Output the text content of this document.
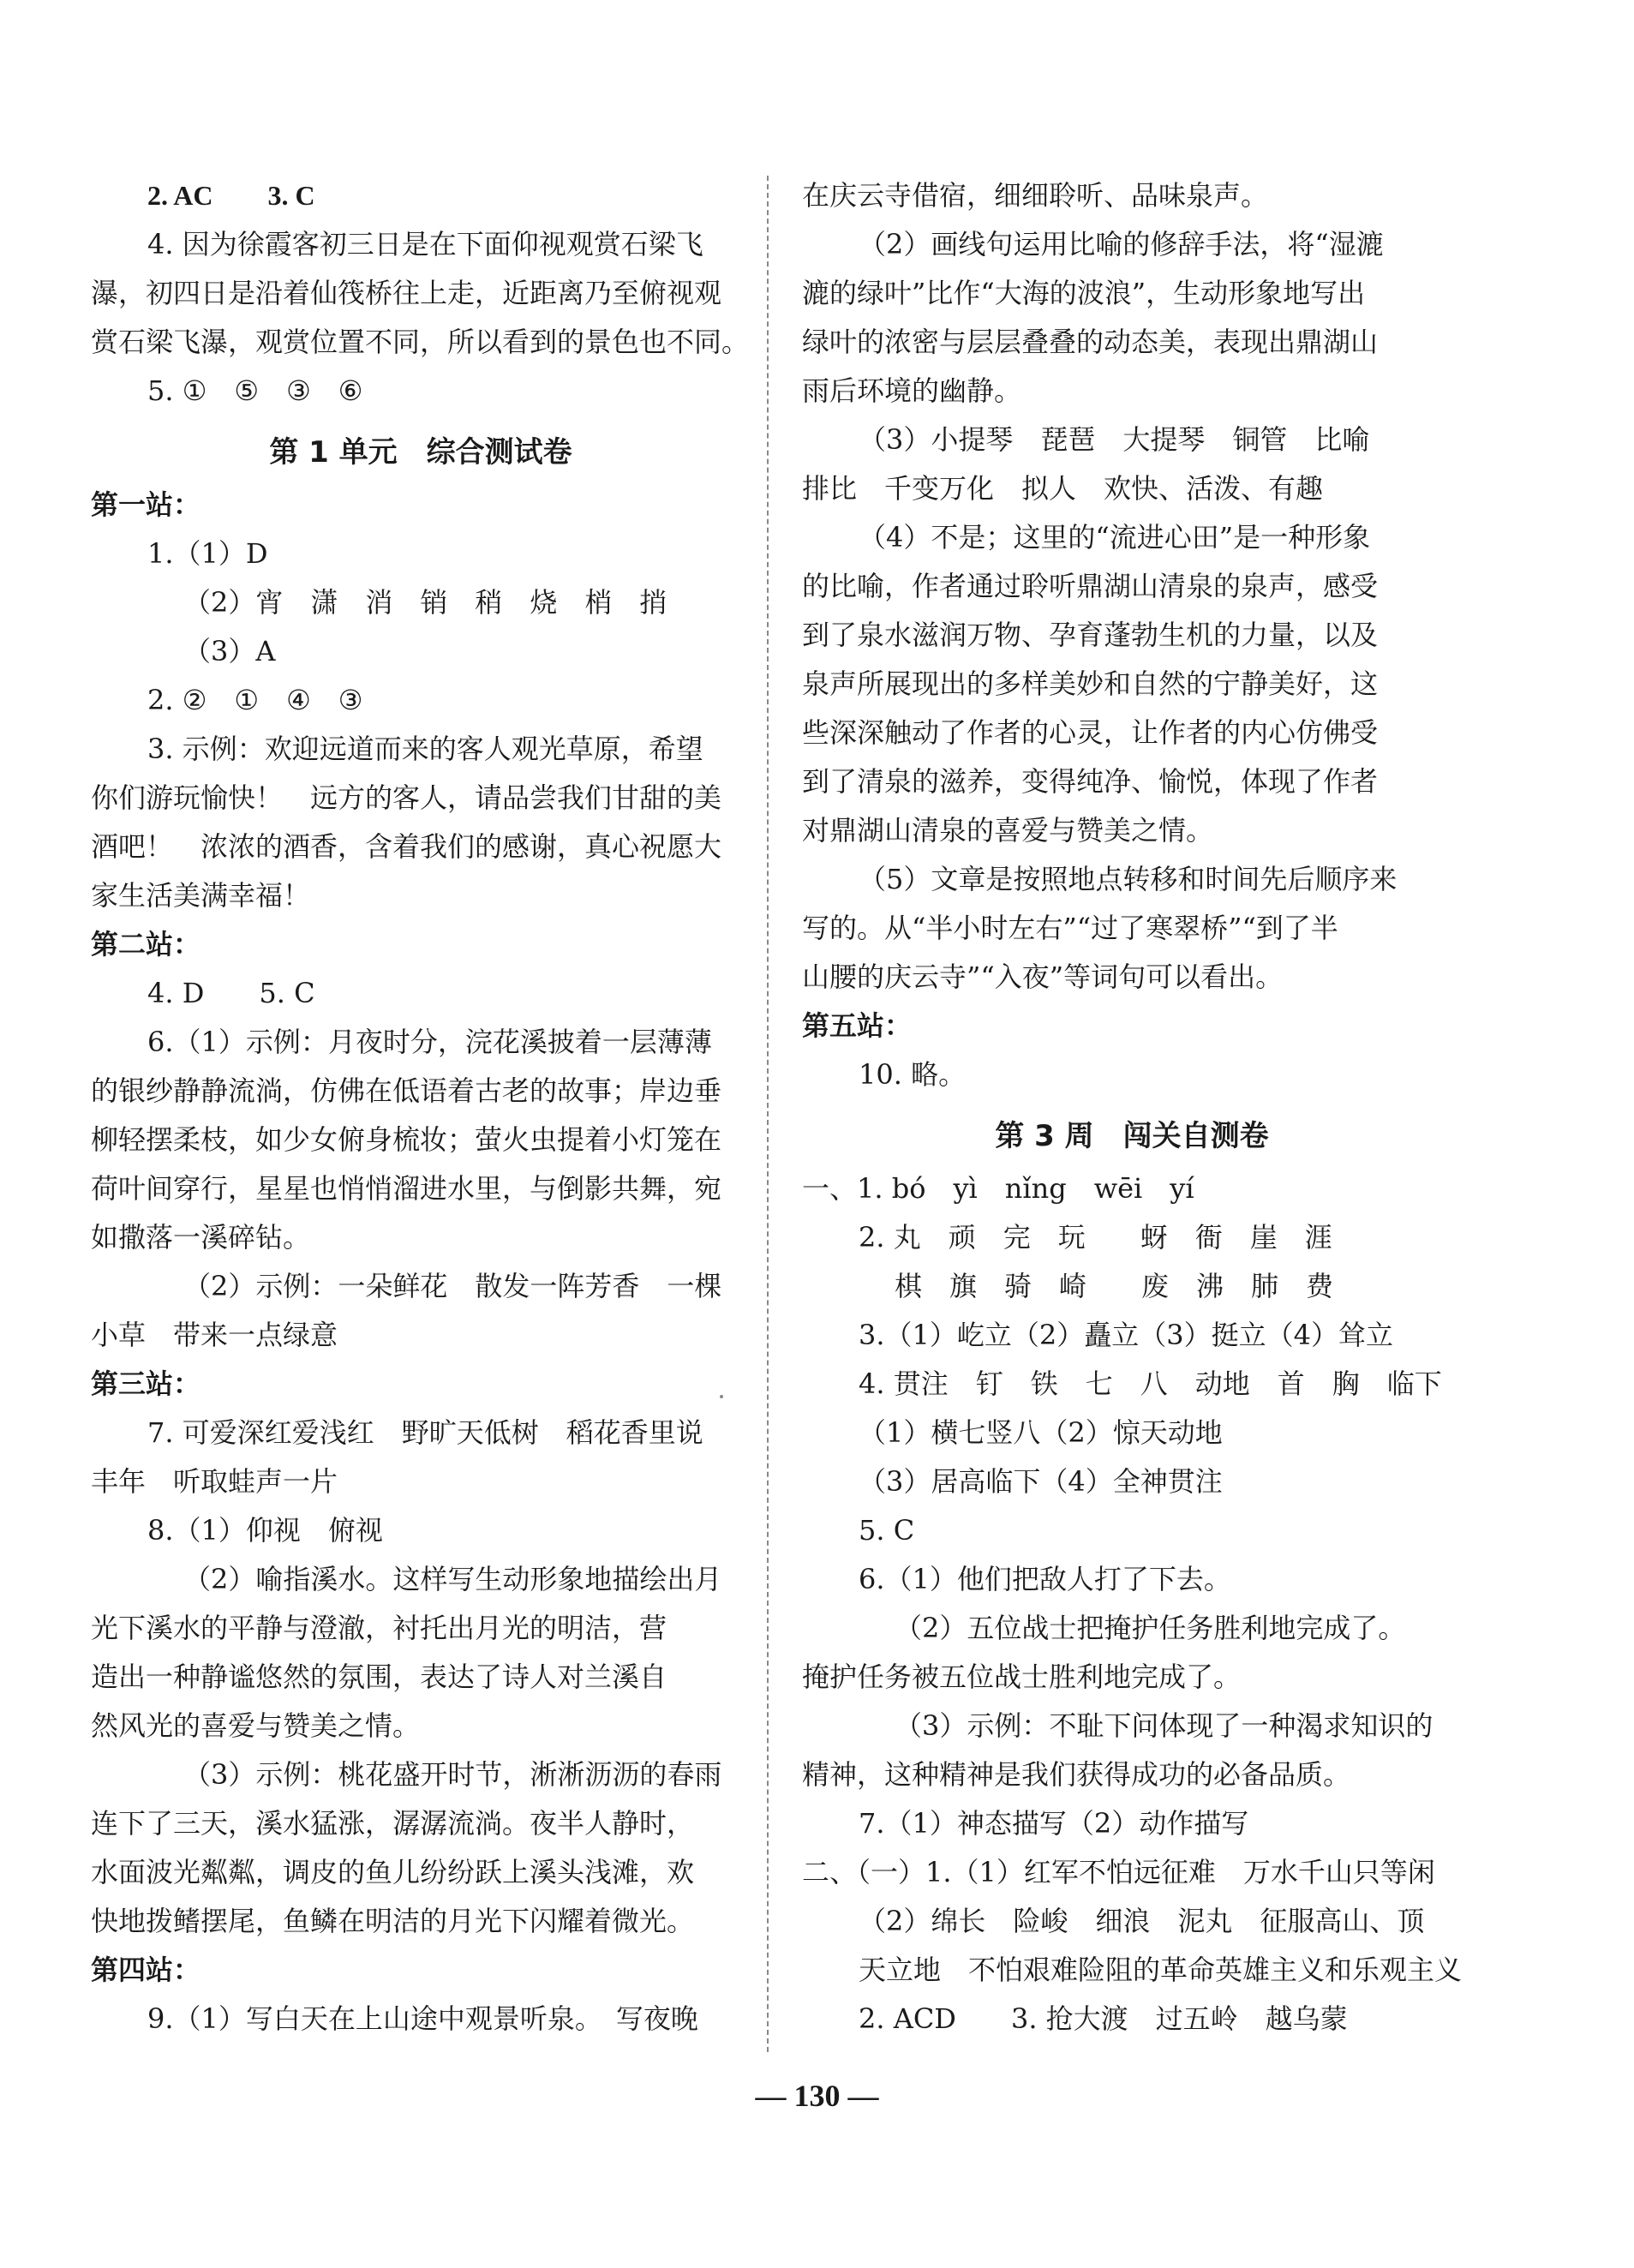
2. AC　　3. C
4. 因为徐霞客初三日是在下面仰视观赏石梁飞
瀑，初四日是沿着仙筏桥往上走，近距离乃至俯视观
赏石梁飞瀑，观赏位置不同，所以看到的景色也不同。
5. ①　⑤　③　⑥
第 1 单元　综合测试卷
第一站：
1.（1）D
（2）宵　潇　消　销　稍　烧　梢　捎
（3）A
2. ②　①　④　③
3. 示例：欢迎远道而来的客人观光草原，希望
你们游玩愉快！　远方的客人，请品尝我们甘甜的美
酒吧！　浓浓的酒香，含着我们的感谢，真心祝愿大
家生活美满幸福！
第二站：
4. D　　5. C
6.（1）示例：月夜时分，浣花溪披着一层薄薄
的银纱静静流淌，仿佛在低语着古老的故事；岸边垂
柳轻摆柔枝，如少女俯身梳妆；萤火虫提着小灯笼在
荷叶间穿行，星星也悄悄溜进水里，与倒影共舞，宛
如撒落一溪碎钻。
（2）示例：一朵鲜花　散发一阵芳香　一棵
小草　带来一点绿意
第三站：
7. 可爱深红爱浅红　野旷天低树　稻花香里说
丰年　听取蛙声一片
8.（1）仰视　俯视
（2）喻指溪水。这样写生动形象地描绘出月
光下溪水的平静与澄澈，衬托出月光的明洁，营
造出一种静谧悠然的氛围，表达了诗人对兰溪自
然风光的喜爱与赞美之情。
（3）示例：桃花盛开时节，淅淅沥沥的春雨
连下了三天，溪水猛涨，潺潺流淌。夜半人静时，
水面波光粼粼，调皮的鱼儿纷纷跃上溪头浅滩，欢
快地拨鳍摆尾，鱼鳞在明洁的月光下闪耀着微光。
第四站：
9.（1）写白天在上山途中观景听泉。　写夜晚
在庆云寺借宿，细细聆听、品味泉声。
（2）画线句运用比喻的修辞手法，将“湿漉
漉的绿叶”比作“大海的波浪”，生动形象地写出
绿叶的浓密与层层叠叠的动态美，表现出鼎湖山
雨后环境的幽静。
（3）小提琴　琵琶　大提琴　铜管　比喻
排比　千变万化　拟人　欢快、活泼、有趣
（4）不是；这里的“流进心田”是一种形象
的比喻，作者通过聆听鼎湖山清泉的泉声，感受
到了泉水滋润万物、孕育蓬勃生机的力量，以及
泉声所展现出的多样美妙和自然的宁静美好，这
些深深触动了作者的心灵，让作者的内心仿佛受
到了清泉的滋养，变得纯净、愉悦，体现了作者
对鼎湖山清泉的喜爱与赞美之情。
（5）文章是按照地点转移和时间先后顺序来
写的。从“半小时左右”“过了寒翠桥”“到了半
山腰的庆云寺”“入夜”等词句可以看出。
第五站：
10. 略。
第 3 周　闯关自测卷
一、1. bó　yì　nǐng　wēi　yí
2. 丸　顽　完　玩　　蚜　衙　崖　涯
棋　旗　骑　崎　　废　沸　肺　费
3.（1）屹立（2）矗立（3）挺立（4）耸立
4. 贯注　钉　铁　七　八　动地　首　胸　临下
（1）横七竖八（2）惊天动地
（3）居高临下（4）全神贯注
5. C
6.（1）他们把敌人打了下去。
（2）五位战士把掩护任务胜利地完成了。
掩护任务被五位战士胜利地完成了。
（3）示例：不耻下问体现了一种渴求知识的
精神，这种精神是我们获得成功的必备品质。
7.（1）神态描写（2）动作描写
二、（一）1.（1）红军不怕远征难　万水千山只等闲
（2）绵长　险峻　细浪　泥丸　征服高山、顶
天立地　不怕艰难险阻的革命英雄主义和乐观主义
2. ACD　　3. 抢大渡　过五岭　越乌蒙
— 130 —
